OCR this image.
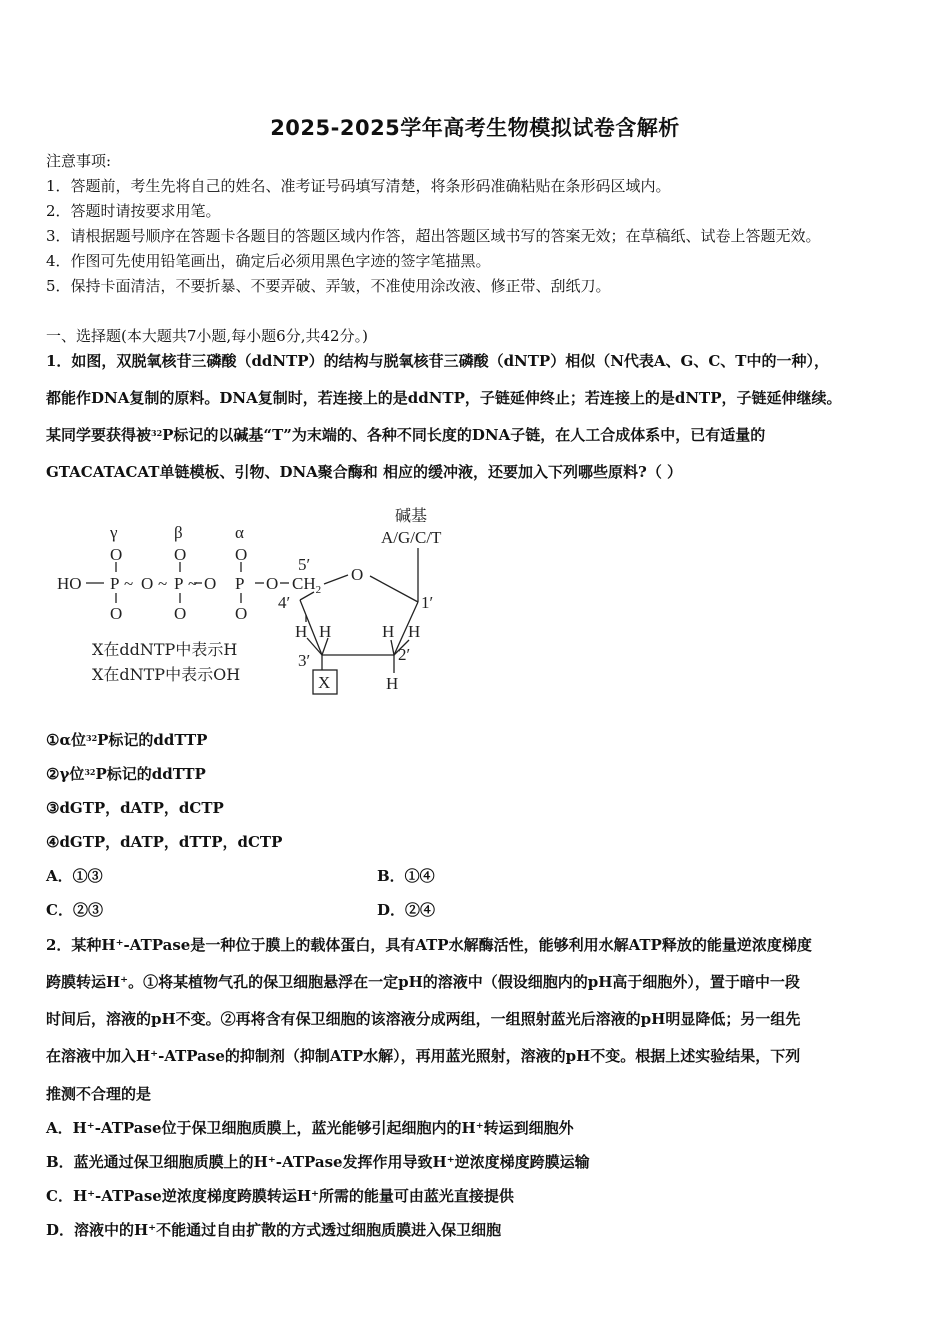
2025-2025学年高考生物模拟试卷含解析
注意事项:
1．答题前，考生先将自己的姓名、准考证号码填写清楚，将条形码准确粘贴在条形码区域内。
2．答题时请按要求用笔。
3．请根据题号顺序在答题卡各题目的答题区域内作答，超出答题区域书写的答案无效；在草稿纸、试卷上答题无效。
4．作图可先使用铅笔画出，确定后必须用黑色字迹的签字笔描黑。
5．保持卡面清洁，不要折暴、不要弄破、弄皱，不准使用涂改液、修正带、刮纸刀。
一、选择题(本大题共7小题,每小题6分,共42分。)
1．如图，双脱氧核苷三磷酸（ddNTP）的结构与脱氧核苷三磷酸（dNTP）相似（N代表A、G、C、T中的一种），
都能作DNA复制的原料。DNA复制时，若连接上的是ddNTP，子链延伸终止；若连接上的是dNTP，子链延伸继续。
某同学要获得被$^{32}$P标记的以碱基“T”为末端的、各种不同长度的DNA子链，在人工合成体系中，已有适量的
GTACATACAT单链模板、引物、DNA聚合酶和 相应的缓冲液，还要加入下列哪些原料?（ ）
γ	β	α
O	O	O
HO P ~ O ~ P ~ O P O $CH_2$
O	O	O
5′
O
4′	1′
H H	H H
3′	2′
X	H
碱基
A/G/C/T
X在ddNTP中表示H
X在dNTP中表示OH
①α位$^{32}$P标记的ddTTP
②γ位$^{32}$P标记的ddTTP
③dGTP，dATP，dCTP
④dGTP，dATP，dTTP，dCTP
A．①③	B．①④
C．②③	D．②④
2．某种H⁺-ATPase是一种位于膜上的载体蛋白，具有ATP水解酶活性，能够利用水解ATP释放的能量逆浓度梯度
跨膜转运H⁺。①将某植物气孔的保卫细胞悬浮在一定pH的溶液中（假设细胞内的pH高于细胞外），置于暗中一段
时间后，溶液的pH不变。②再将含有保卫细胞的该溶液分成两组，一组照射蓝光后溶液的pH明显降低；另一组先
在溶液中加入H⁺-ATPase的抑制剂（抑制ATP水解），再用蓝光照射，溶液的pH不变。根据上述实验结果，下列
推测不合理的是
A．H⁺-ATPase位于保卫细胞质膜上，蓝光能够引起细胞内的H⁺转运到细胞外
B．蓝光通过保卫细胞质膜上的H⁺-ATPase发挥作用导致H⁺逆浓度梯度跨膜运输
C．H⁺-ATPase逆浓度梯度跨膜转运H⁺所需的能量可由蓝光直接提供
D．溶液中的H⁺不能通过自由扩散的方式透过细胞质膜进入保卫细胞
